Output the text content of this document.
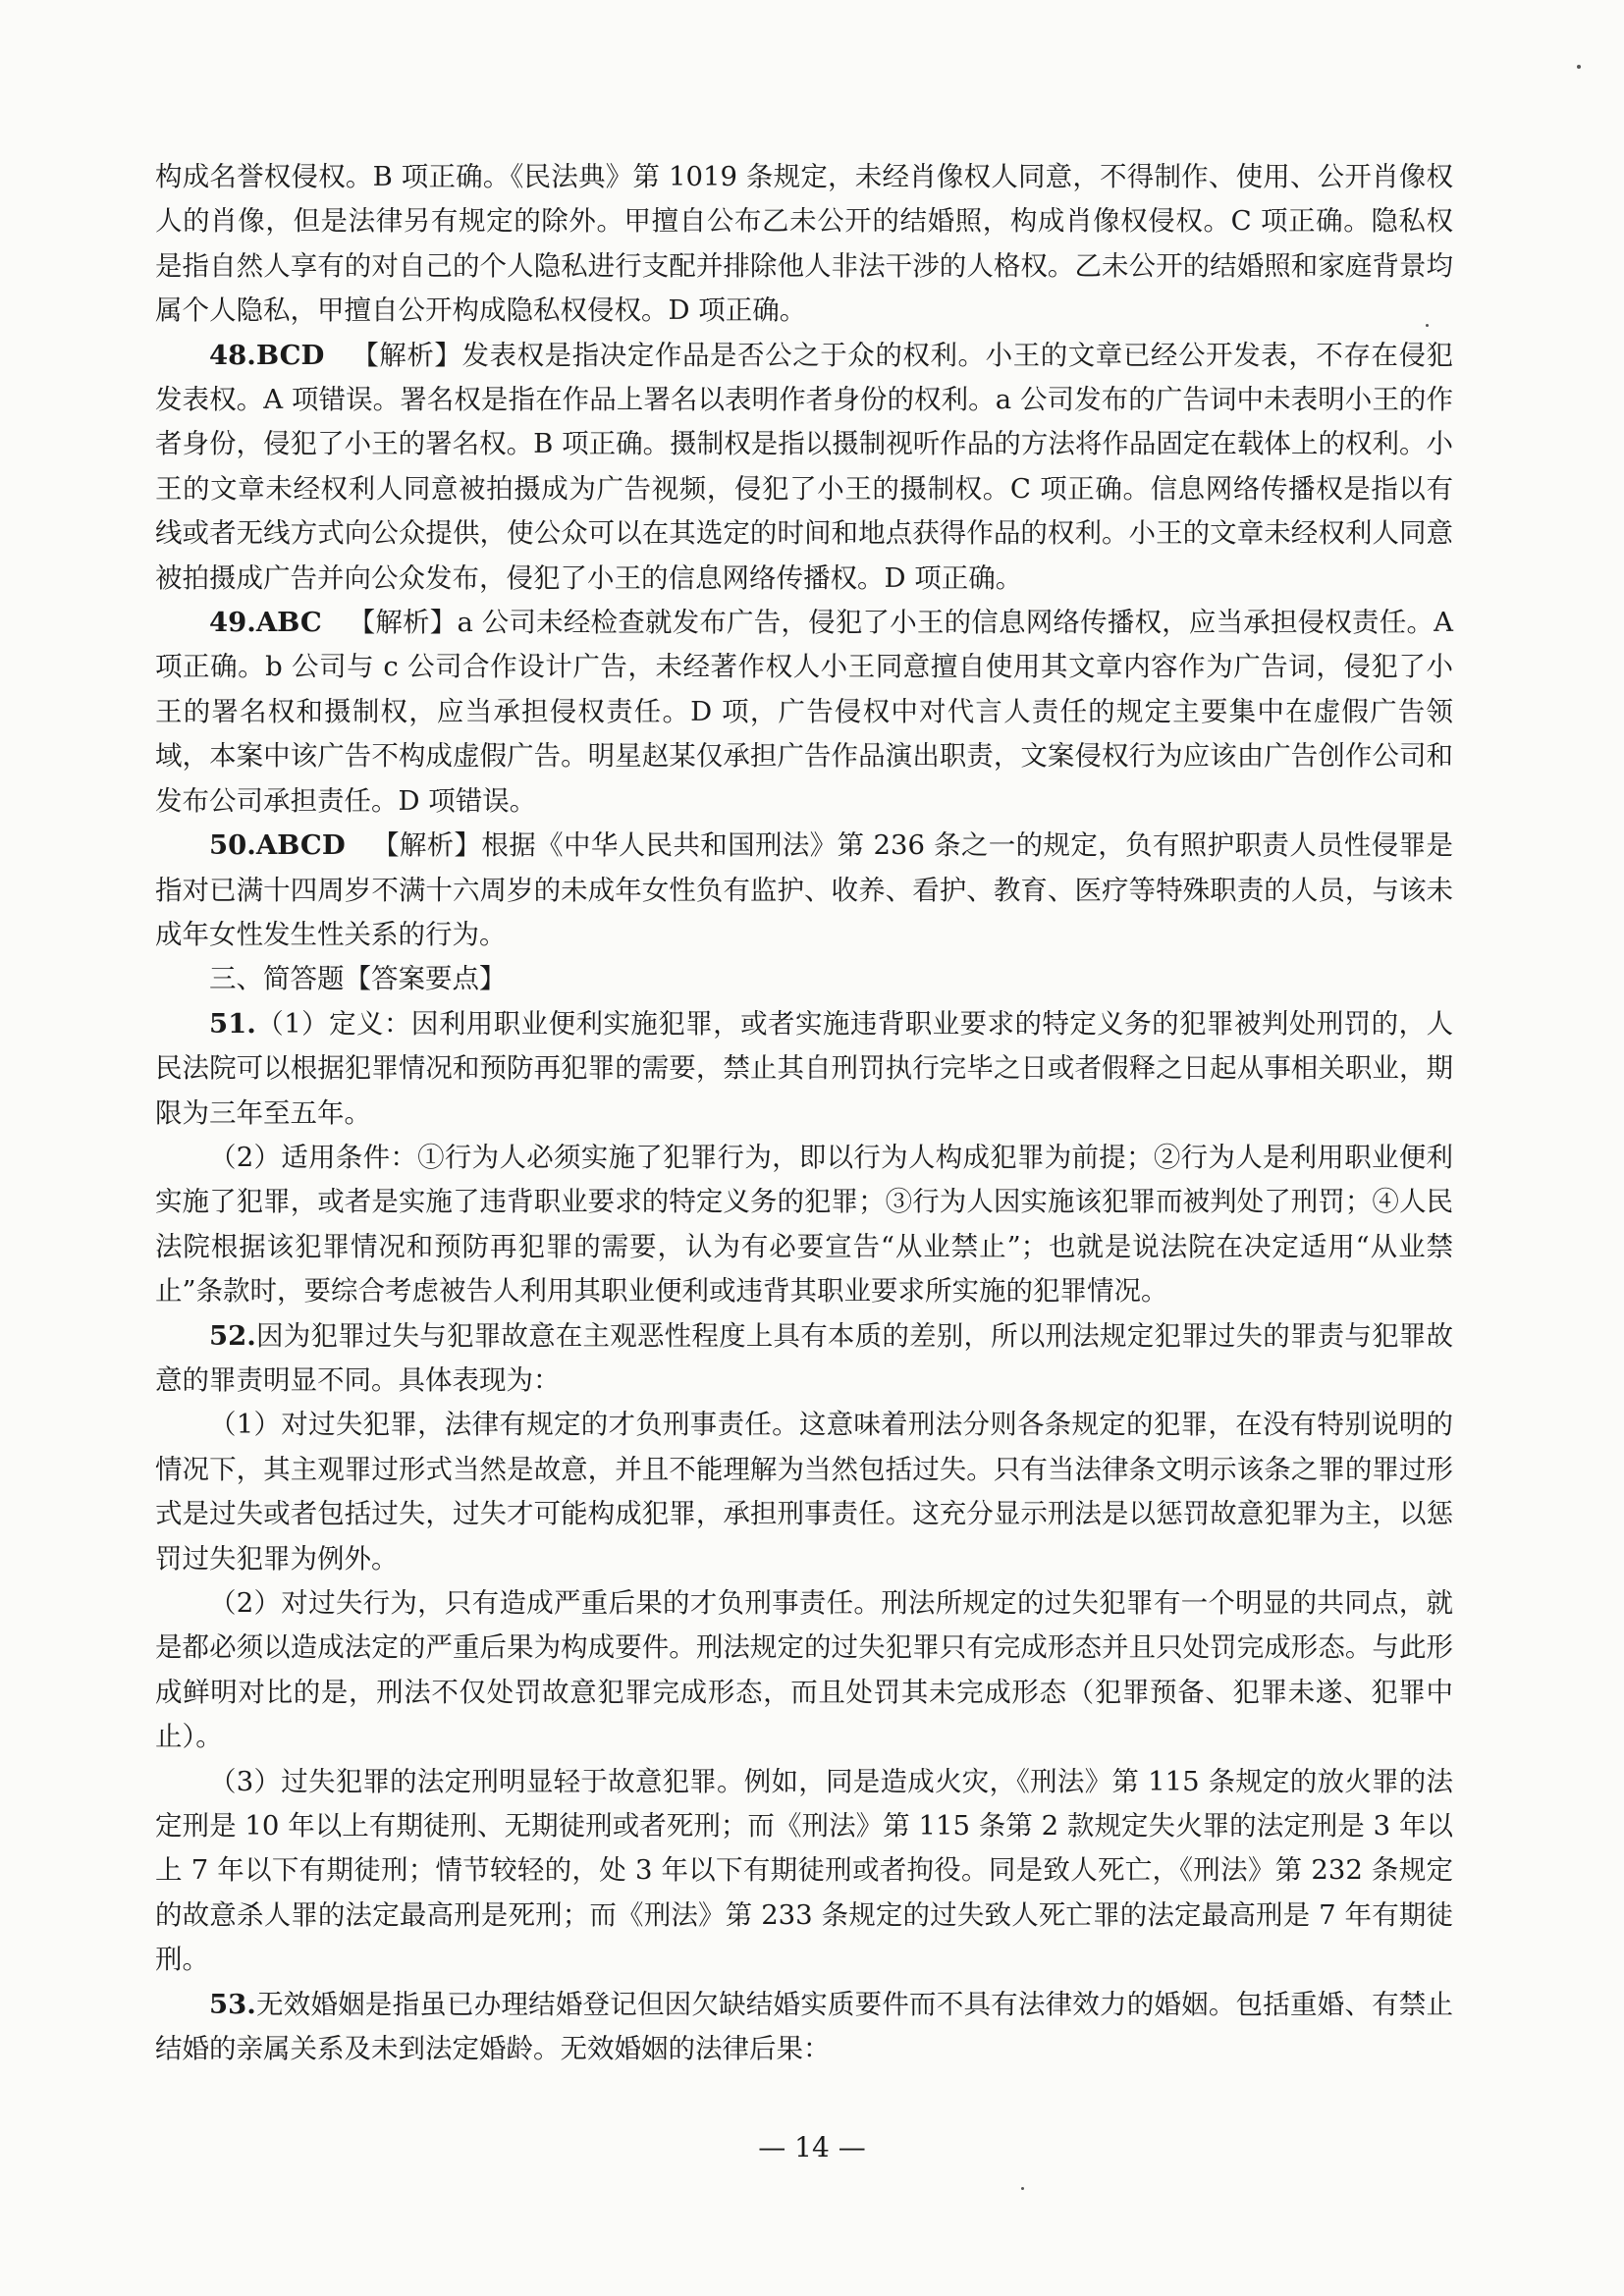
构成名誉权侵权。B 项正确。《民法典》第 1019 条规定，未经肖像权人同意，不得制作、使用、公开肖像权人的肖像，但是法律另有规定的除外。甲擅自公布乙未公开的结婚照，构成肖像权侵权。C 项正确。隐私权是指自然人享有的对自己的个人隐私进行支配并排除他人非法干涉的人格权。乙未公开的结婚照和家庭背景均属个人隐私，甲擅自公开构成隐私权侵权。D 项正确。

48.BCD 【解析】发表权是指决定作品是否公之于众的权利。小王的文章已经公开发表，不存在侵犯发表权。A 项错误。署名权是指在作品上署名以表明作者身份的权利。a 公司发布的广告词中未表明小王的作者身份，侵犯了小王的署名权。B 项正确。摄制权是指以摄制视听作品的方法将作品固定在载体上的权利。小王的文章未经权利人同意被拍摄成为广告视频，侵犯了小王的摄制权。C 项正确。信息网络传播权是指以有线或者无线方式向公众提供，使公众可以在其选定的时间和地点获得作品的权利。小王的文章未经权利人同意被拍摄成广告并向公众发布，侵犯了小王的信息网络传播权。D 项正确。

49.ABC 【解析】a 公司未经检查就发布广告，侵犯了小王的信息网络传播权，应当承担侵权责任。A 项正确。b 公司与 c 公司合作设计广告，未经著作权人小王同意擅自使用其文章内容作为广告词，侵犯了小王的署名权和摄制权，应当承担侵权责任。D 项，广告侵权中对代言人责任的规定主要集中在虚假广告领域，本案中该广告不构成虚假广告。明星赵某仅承担广告作品演出职责，文案侵权行为应该由广告创作公司和发布公司承担责任。D 项错误。

50.ABCD 【解析】根据《中华人民共和国刑法》第 236 条之一的规定，负有照护职责人员性侵罪是指对已满十四周岁不满十六周岁的未成年女性负有监护、收养、看护、教育、医疗等特殊职责的人员，与该未成年女性发生性关系的行为。

三、简答题【答案要点】

51.（1）定义：因利用职业便利实施犯罪，或者实施违背职业要求的特定义务的犯罪被判处刑罚的，人民法院可以根据犯罪情况和预防再犯罪的需要，禁止其自刑罚执行完毕之日或者假释之日起从事相关职业，期限为三年至五年。

（2）适用条件：①行为人必须实施了犯罪行为，即以行为人构成犯罪为前提；②行为人是利用职业便利实施了犯罪，或者是实施了违背职业要求的特定义务的犯罪；③行为人因实施该犯罪而被判处了刑罚；④人民法院根据该犯罪情况和预防再犯罪的需要，认为有必要宣告“从业禁止”；也就是说法院在决定适用“从业禁止”条款时，要综合考虑被告人利用其职业便利或违背其职业要求所实施的犯罪情况。

52.因为犯罪过失与犯罪故意在主观恶性程度上具有本质的差别，所以刑法规定犯罪过失的罪责与犯罪故意的罪责明显不同。具体表现为：

（1）对过失犯罪，法律有规定的才负刑事责任。这意味着刑法分则各条规定的犯罪，在没有特别说明的情况下，其主观罪过形式当然是故意，并且不能理解为当然包括过失。只有当法律条文明示该条之罪的罪过形式是过失或者包括过失，过失才可能构成犯罪，承担刑事责任。这充分显示刑法是以惩罚故意犯罪为主，以惩罚过失犯罪为例外。

（2）对过失行为，只有造成严重后果的才负刑事责任。刑法所规定的过失犯罪有一个明显的共同点，就是都必须以造成法定的严重后果为构成要件。刑法规定的过失犯罪只有完成形态并且只处罚完成形态。与此形成鲜明对比的是，刑法不仅处罚故意犯罪完成形态，而且处罚其未完成形态（犯罪预备、犯罪未遂、犯罪中止）。

（3）过失犯罪的法定刑明显轻于故意犯罪。例如，同是造成火灾，《刑法》第 115 条规定的放火罪的法定刑是 10 年以上有期徒刑、无期徒刑或者死刑；而《刑法》第 115 条第 2 款规定失火罪的法定刑是 3 年以上 7 年以下有期徒刑；情节较轻的，处 3 年以下有期徒刑或者拘役。同是致人死亡，《刑法》第 232 条规定的故意杀人罪的法定最高刑是死刑；而《刑法》第 233 条规定的过失致人死亡罪的法定最高刑是 7 年有期徒刑。

53.无效婚姻是指虽已办理结婚登记但因欠缺结婚实质要件而不具有法律效力的婚姻。包括重婚、有禁止结婚的亲属关系及未到法定婚龄。无效婚姻的法律后果：

— 14 —
